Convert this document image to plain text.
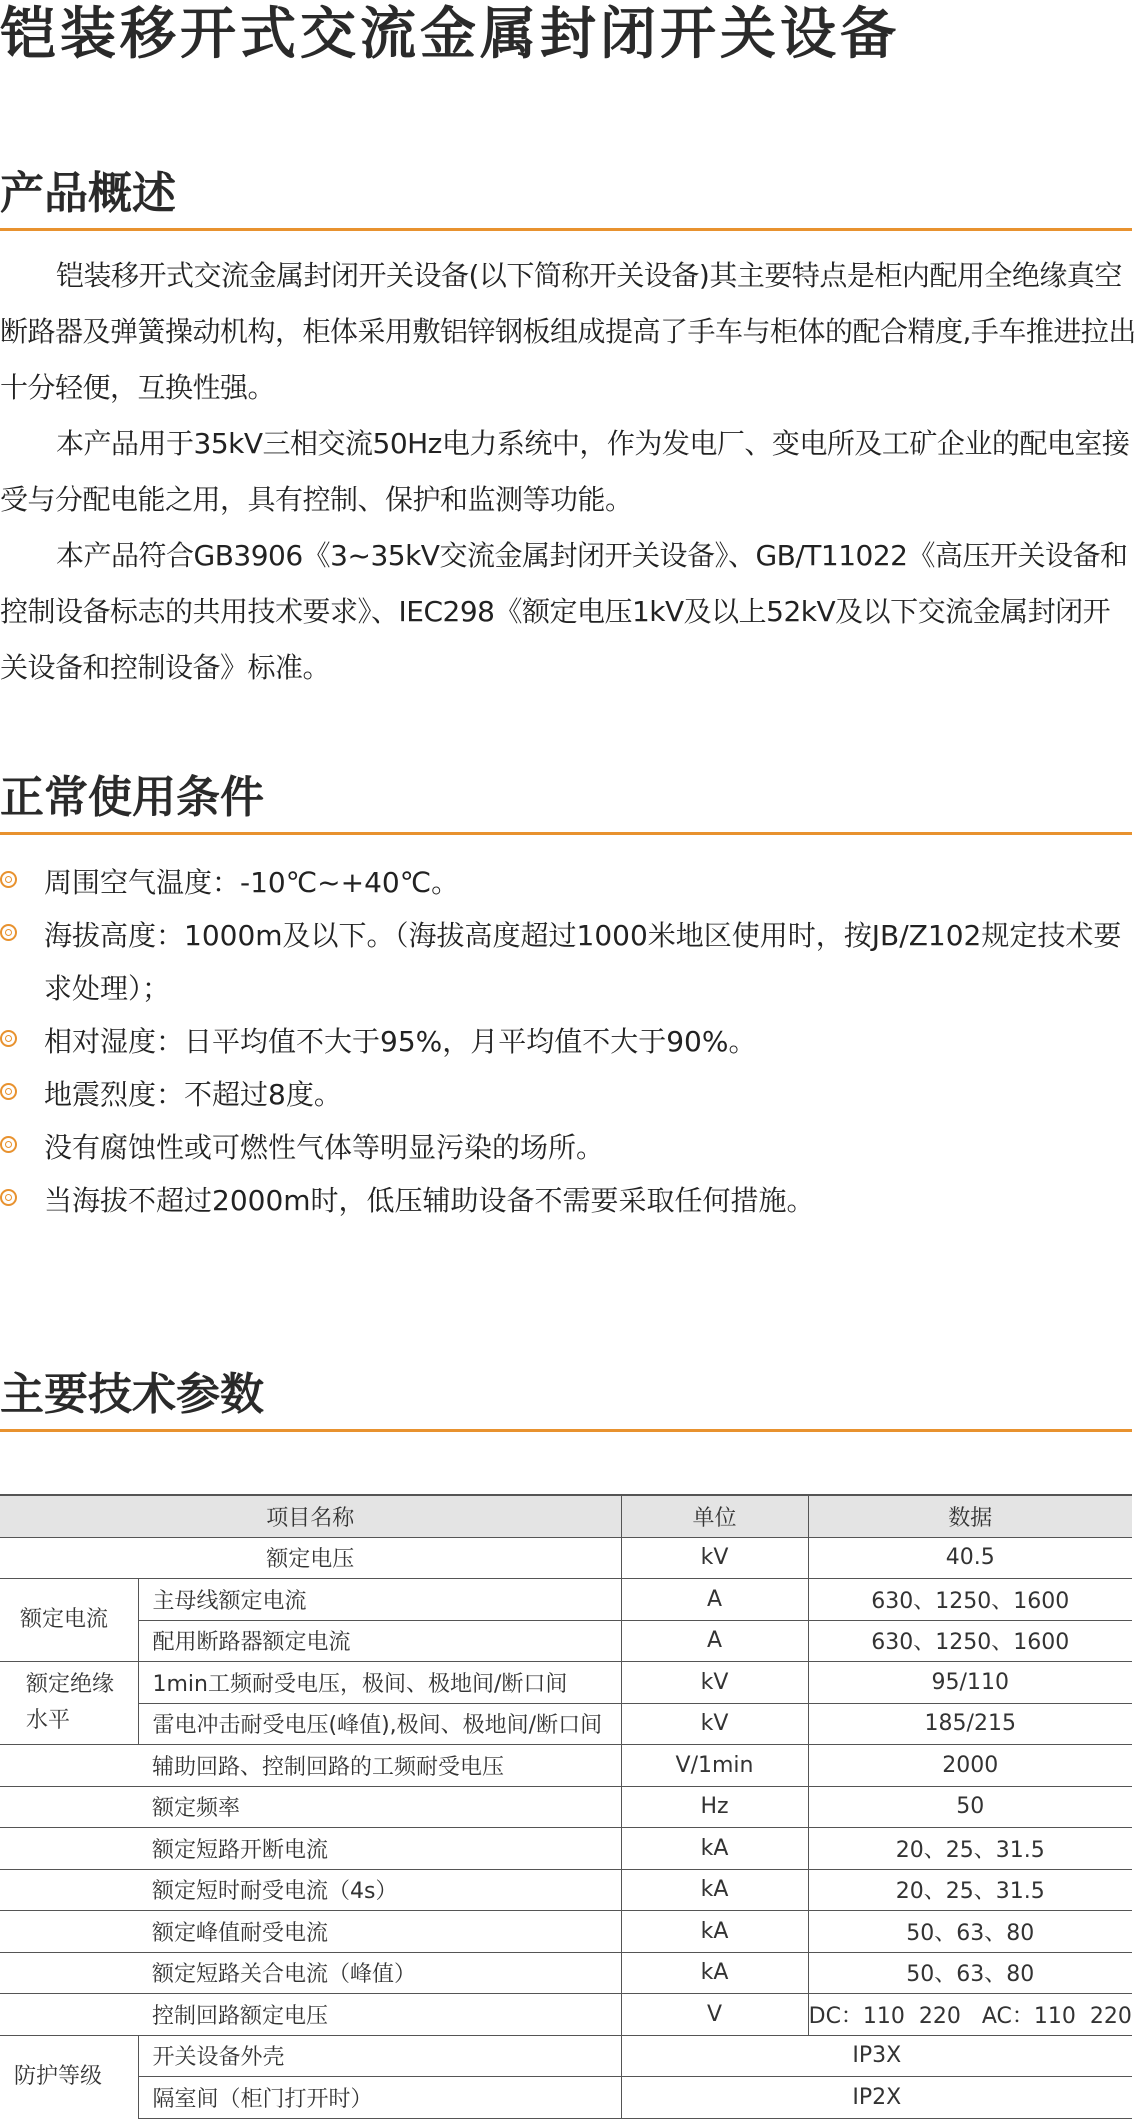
铠装移开式交流金属封闭开关设备
产品概述

铠装移开式交流金属封闭开关设备(以下简称开关设备)其主要特点是柜内配用全绝缘真空断路器及弹簧操动机构，柜体采用敷铝锌钢板组成提高了手车与柜体的配合精度,手车推进拉出十分轻便，互换性强。

本产品用于35kV三相交流50Hz电力系统中，作为发电厂、变电所及工矿企业的配电室接受与分配电能之用，具有控制、保护和监测等功能。

本产品符合GB3906《3~35kV交流金属封闭开关设备》、GB/T11022《高压开关设备和控制设备标志的共用技术要求》、IEC298《额定电压1kV及以上52kV及以下交流金属封闭开关设备和控制设备》标准。

正常使用条件
周围空气温度：-10℃~+40℃。
海拔高度：1000m及以下。（海拔高度超过1000米地区使用时，按JB/Z102规定技术要求处理）；
相对湿度：日平均值不大于95%，月平均值不大于90%。
地震烈度：不超过8度。
没有腐蚀性或可燃性气体等明显污染的场所。
当海拔不超过2000m时，低压辅助设备不需要采取任何措施。
主要技术参数
项目名称		单位	数据
额定电压		kV	40.5
额定电流	主母线额定电流	A	630、1250、1600
	配用断路器额定电流	A	630、1250、1600
额定绝缘水平	1min工频耐受电压，极间、极地间/断口间	kV	95/110
	雷电冲击耐受电压(峰值),极间、极地间/断口间	kV	185/215
	辅助回路、控制回路的工频耐受电压	V/1min	2000
	额定频率	Hz	50
	额定短路开断电流	kA	20、25、31.5
	额定短时耐受电流（4s）	kA	20、25、31.5
	额定峰值耐受电流	kA	50、63、80
	额定短路关合电流（峰值）	kA	50、63、80
	控制回路额定电压	V	DC：110  220   AC：110  220
防护等级	开关设备外壳	IP3X	
	隔室间（柜门打开时）	IP2X	
